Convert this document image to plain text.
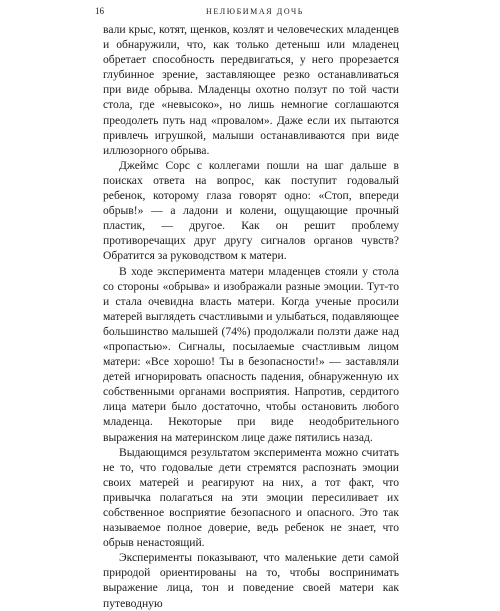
16	НЕЛЮБИМАЯ ДОЧЬ

вали крыс, котят, щенков, козлят и человеческих младенцев и обнаружили, что, как только детеныш или младенец обретает способность передвигаться, у него прорезается глубинное зрение, заставляющее резко останавливаться при виде обрыва. Младенцы охотно ползут по той части стола, где «невысоко», но лишь немногие соглашаются преодолеть путь над «провалом». Даже если их пытаются привлечь игрушкой, малыши останавливаются при виде иллюзорного обрыва.

Джеймс Сорс с коллегами пошли на шаг дальше в поисках ответа на вопрос, как поступит годовалый ребенок, которому глаза говорят одно: «Стоп, впереди обрыв!» — а ладони и колени, ощущающие прочный пластик, — другое. Как он решит проблему противоречащих друг другу сигналов органов чувств? Обратится за руководством к матери.

В ходе эксперимента матери младенцев стояли у стола со стороны «обрыва» и изображали разные эмоции. Тут-то и стала очевидна власть матери. Когда ученые просили матерей выглядеть счастливыми и улыбаться, подавляющее большинство малышей (74%) продолжали ползти даже над «пропастью». Сигналы, посылаемые счастливым лицом матери: «Все хорошо! Ты в безопасности!» — заставляли детей игнорировать опасность падения, обнаруженную их собственными органами восприятия. Напротив, сердитого лица матери было достаточно, чтобы остановить любого младенца. Некоторые при виде неодобрительного выражения на материнском лице даже пятились назад.

Выдающимся результатом эксперимента можно считать не то, что годовалые дети стремятся распознать эмоции своих матерей и реагируют на них, а тот факт, что привычка полагаться на эти эмоции пересиливает их собственное восприятие безопасного и опасного. Это так называемое полное доверие, ведь ребенок не знает, что обрыв ненастоящий.

Эксперименты показывают, что маленькие дети самой природой ориентированы на то, чтобы воспринимать выражение лица, тон и поведение своей матери как путеводную
